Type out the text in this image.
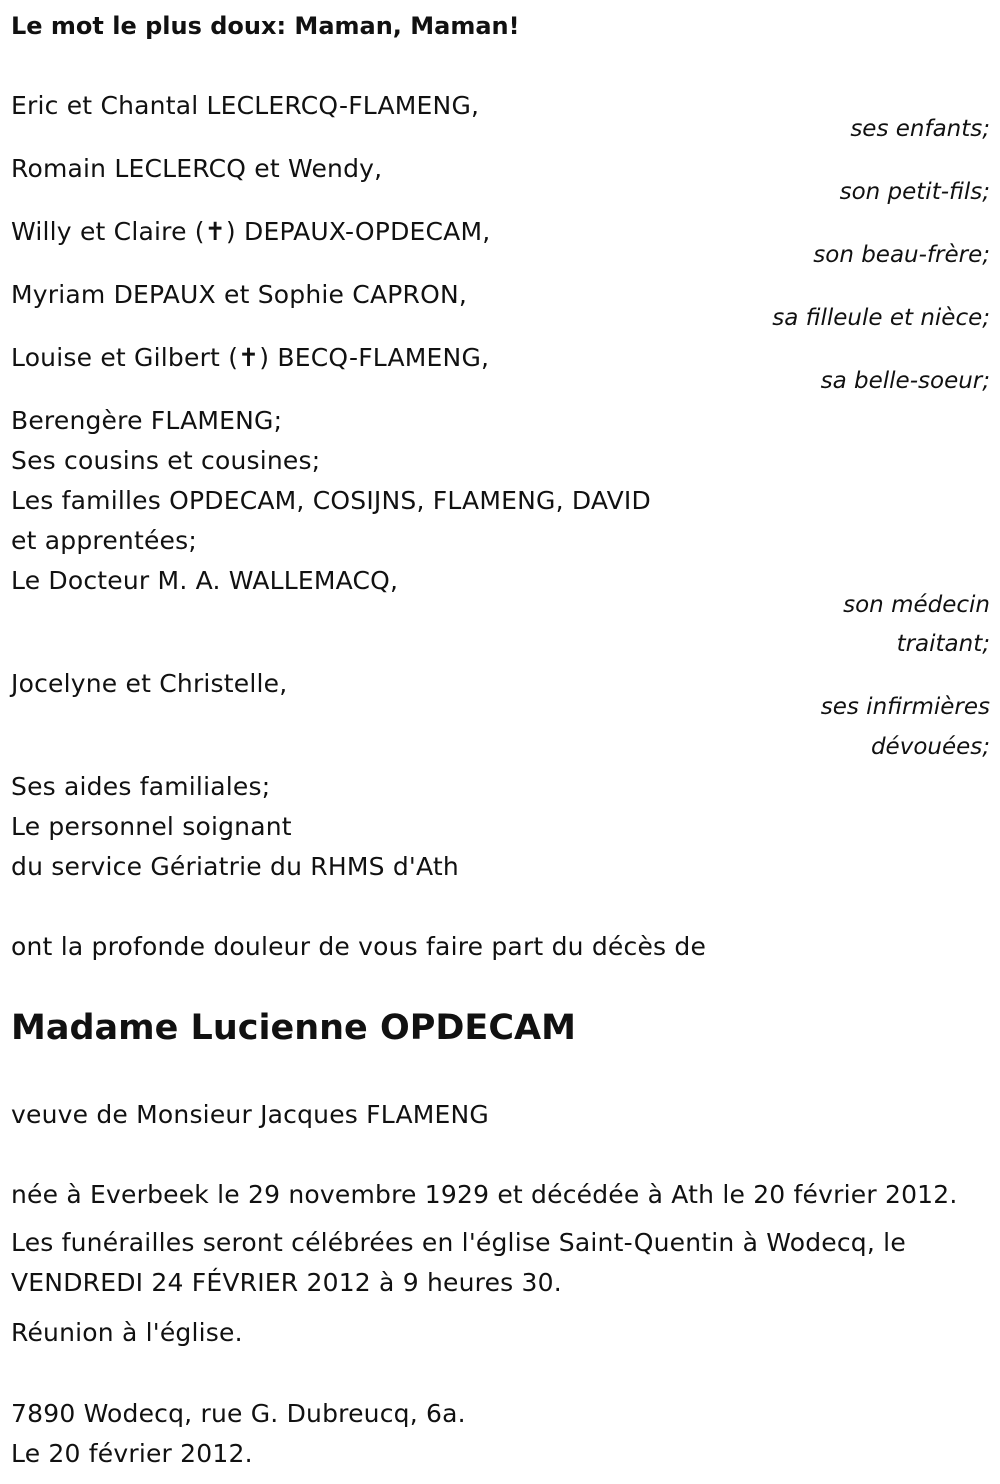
Le mot le plus doux: Maman, Maman!
Eric et Chantal LECLERCQ-FLAMENG,
ses enfants;
Romain LECLERCQ et Wendy,
son petit-fils;
Willy et Claire (✝) DEPAUX-OPDECAM,
son beau-frère;
Myriam DEPAUX et Sophie CAPRON,
sa filleule et nièce;
Louise et Gilbert (✝) BECQ-FLAMENG,
sa belle-soeur;
Berengère FLAMENG;
Ses cousins et cousines;
Les familles OPDECAM, COSIJNS, FLAMENG, DAVID
et apprentées;
Le Docteur M. A. WALLEMACQ,
son médecin
traitant;
Jocelyne et Christelle,
ses infirmières
dévouées;
Ses aides familiales;
Le personnel soignant
du service Gériatrie du RHMS d'Ath
ont la profonde douleur de vous faire part du décès de
Madame Lucienne OPDECAM
veuve de Monsieur Jacques FLAMENG
née à Everbeek le 29 novembre 1929 et décédée à Ath le 20 février 2012.
Les funérailles seront célébrées en l'église Saint-Quentin à Wodecq, le
VENDREDI 24 FÉVRIER 2012 à 9 heures 30.
Réunion à l'église.
7890 Wodecq, rue G. Dubreucq, 6a.
Le 20 février 2012.
